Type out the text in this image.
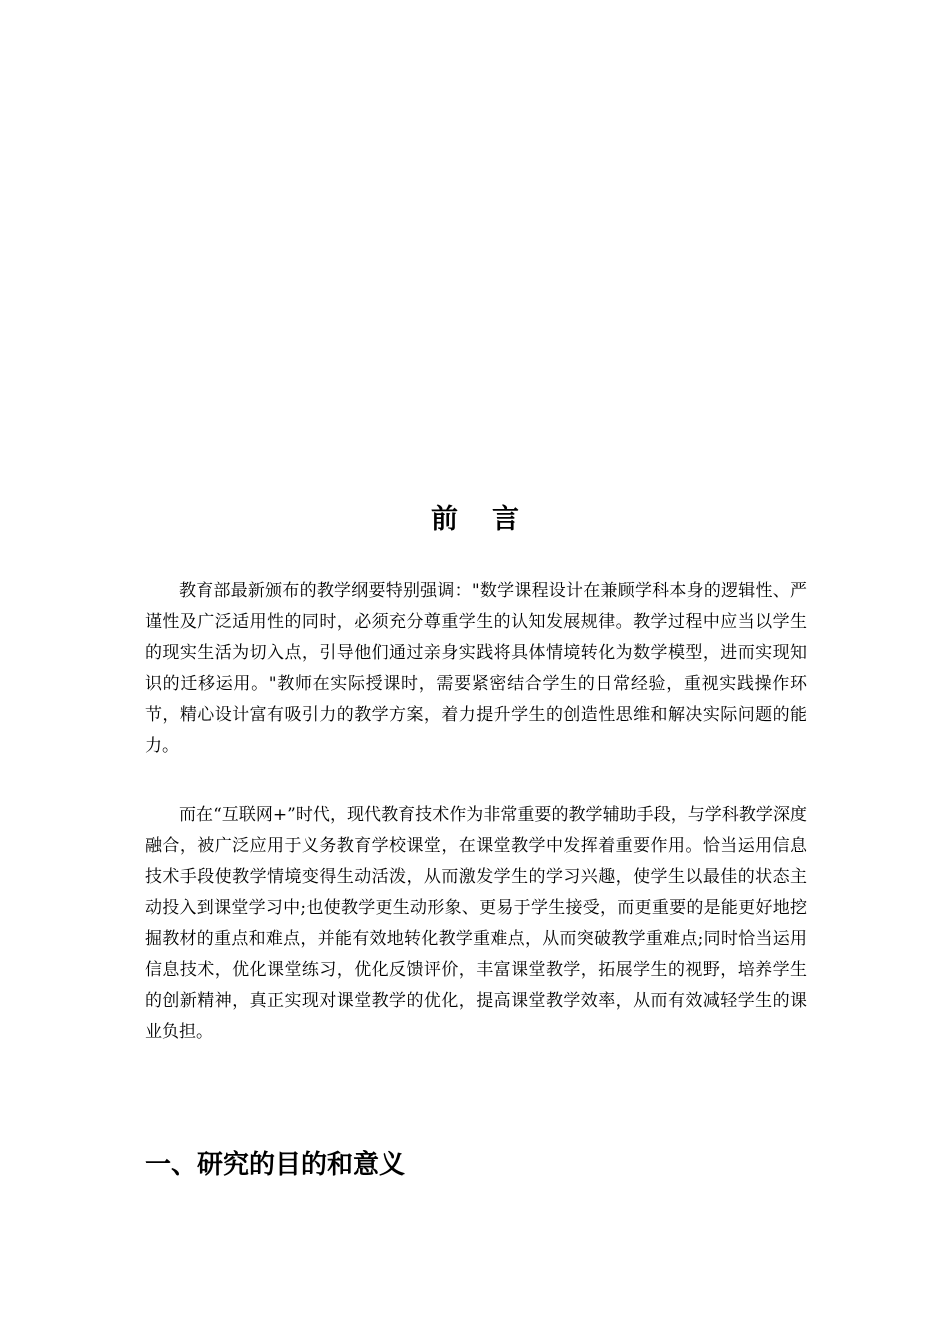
前 言

教育部最新颁布的教学纲要特别强调："数学课程设计在兼顾学科本身的逻辑性、严谨性及广泛适用性的同时，必须充分尊重学生的认知发展规律。教学过程中应当以学生的现实生活为切入点，引导他们通过亲身实践将具体情境转化为数学模型，进而实现知识的迁移运用。"教师在实际授课时，需要紧密结合学生的日常经验，重视实践操作环节，精心设计富有吸引力的教学方案，着力提升学生的创造性思维和解决实际问题的能力。

而在“互联网+”时代，现代教育技术作为非常重要的教学辅助手段，与学科教学深度融合，被广泛应用于义务教育学校课堂，在课堂教学中发挥着重要作用。恰当运用信息技术手段使教学情境变得生动活泼，从而激发学生的学习兴趣，使学生以最佳的状态主动投入到课堂学习中;也使教学更生动形象、更易于学生接受，而更重要的是能更好地挖掘教材的重点和难点，并能有效地转化教学重难点，从而突破教学重难点;同时恰当运用信息技术，优化课堂练习，优化反馈评价，丰富课堂教学，拓展学生的视野，培养学生的创新精神，真正实现对课堂教学的优化，提高课堂教学效率，从而有效减轻学生的课业负担。

一、研究的目的和意义
